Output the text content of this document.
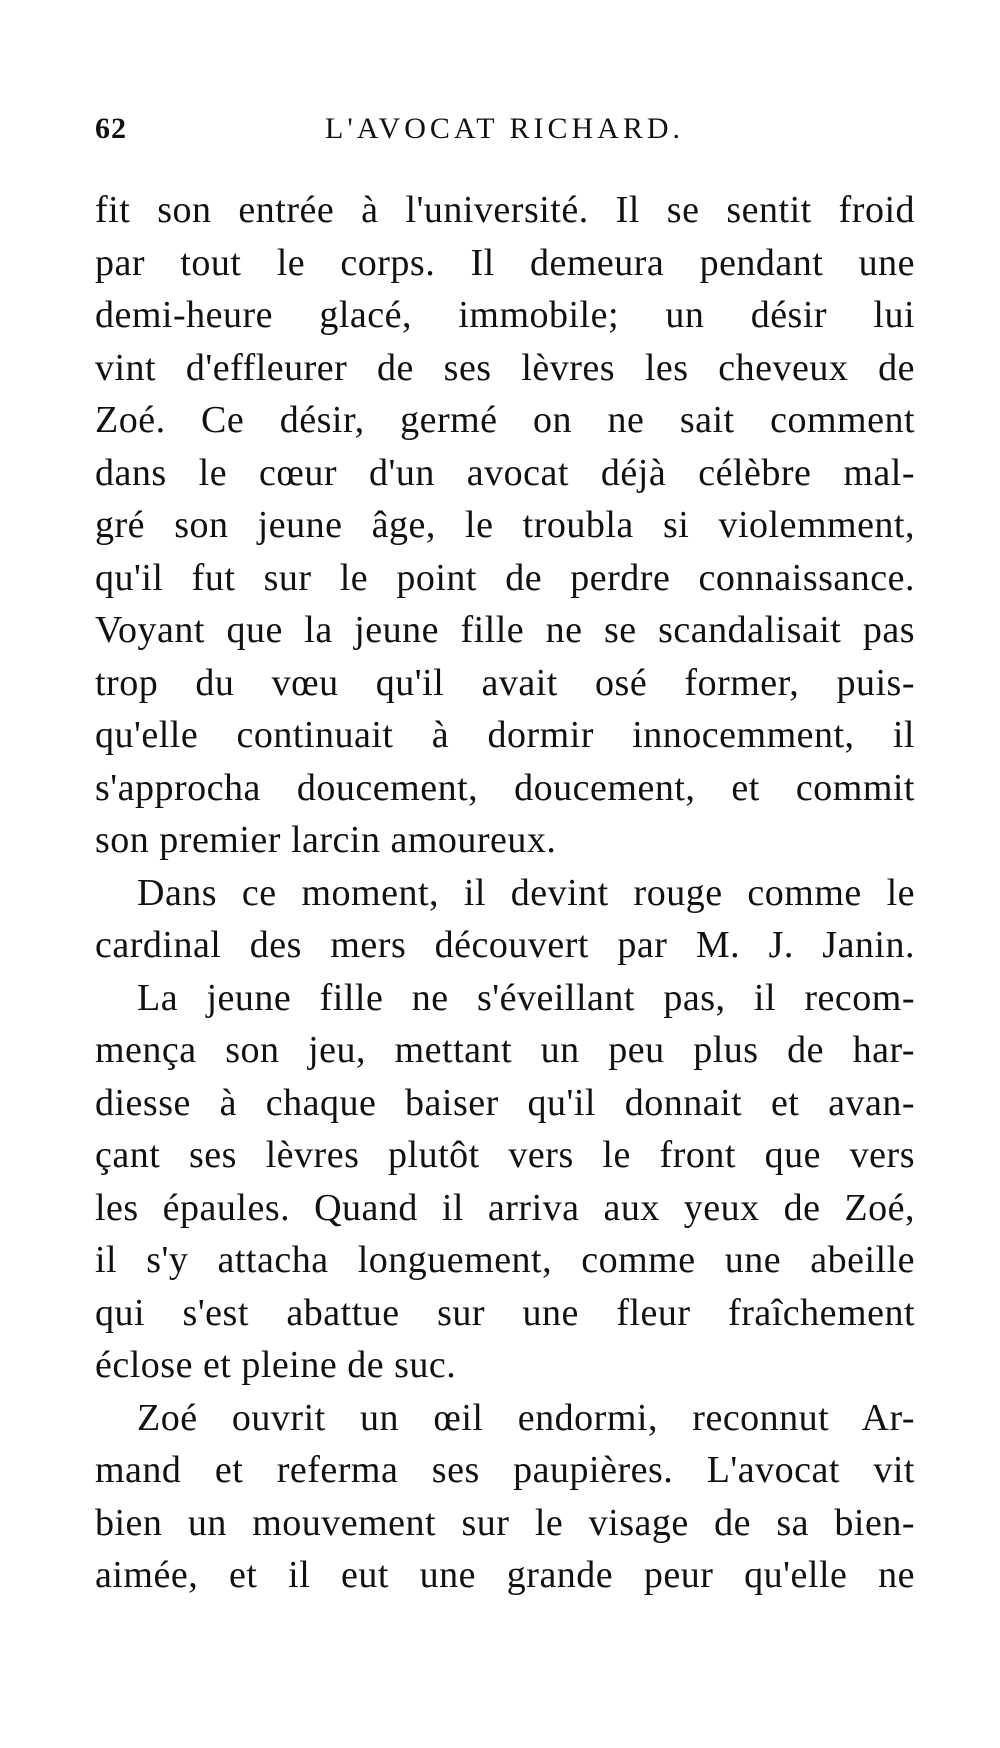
62	L'AVOCAT RICHARD.
fit son entrée à l'université. Il se sentit froid
par tout le corps. Il demeura pendant une
demi-heure glacé, immobile; un désir lui
vint d'effleurer de ses lèvres les cheveux de
Zoé. Ce désir, germé on ne sait comment
dans le cœur d'un avocat déjà célèbre mal-
gré son jeune âge, le troubla si violemment,
qu'il fut sur le point de perdre connaissance.
Voyant que la jeune fille ne se scandalisait pas
trop du vœu qu'il avait osé former, puis-
qu'elle continuait à dormir innocemment, il
s'approcha doucement, doucement, et commit
son premier larcin amoureux.
Dans ce moment, il devint rouge comme le
cardinal des mers découvert par M. J. Janin.
La jeune fille ne s'éveillant pas, il recom-
mença son jeu, mettant un peu plus de har-
diesse à chaque baiser qu'il donnait et avan-
çant ses lèvres plutôt vers le front que vers
les épaules. Quand il arriva aux yeux de Zoé,
il s'y attacha longuement, comme une abeille
qui s'est abattue sur une fleur fraîchement
éclose et pleine de suc.
Zoé ouvrit un œil endormi, reconnut Ar-
mand et referma ses paupières. L'avocat vit
bien un mouvement sur le visage de sa bien-
aimée, et il eut une grande peur qu'elle ne
